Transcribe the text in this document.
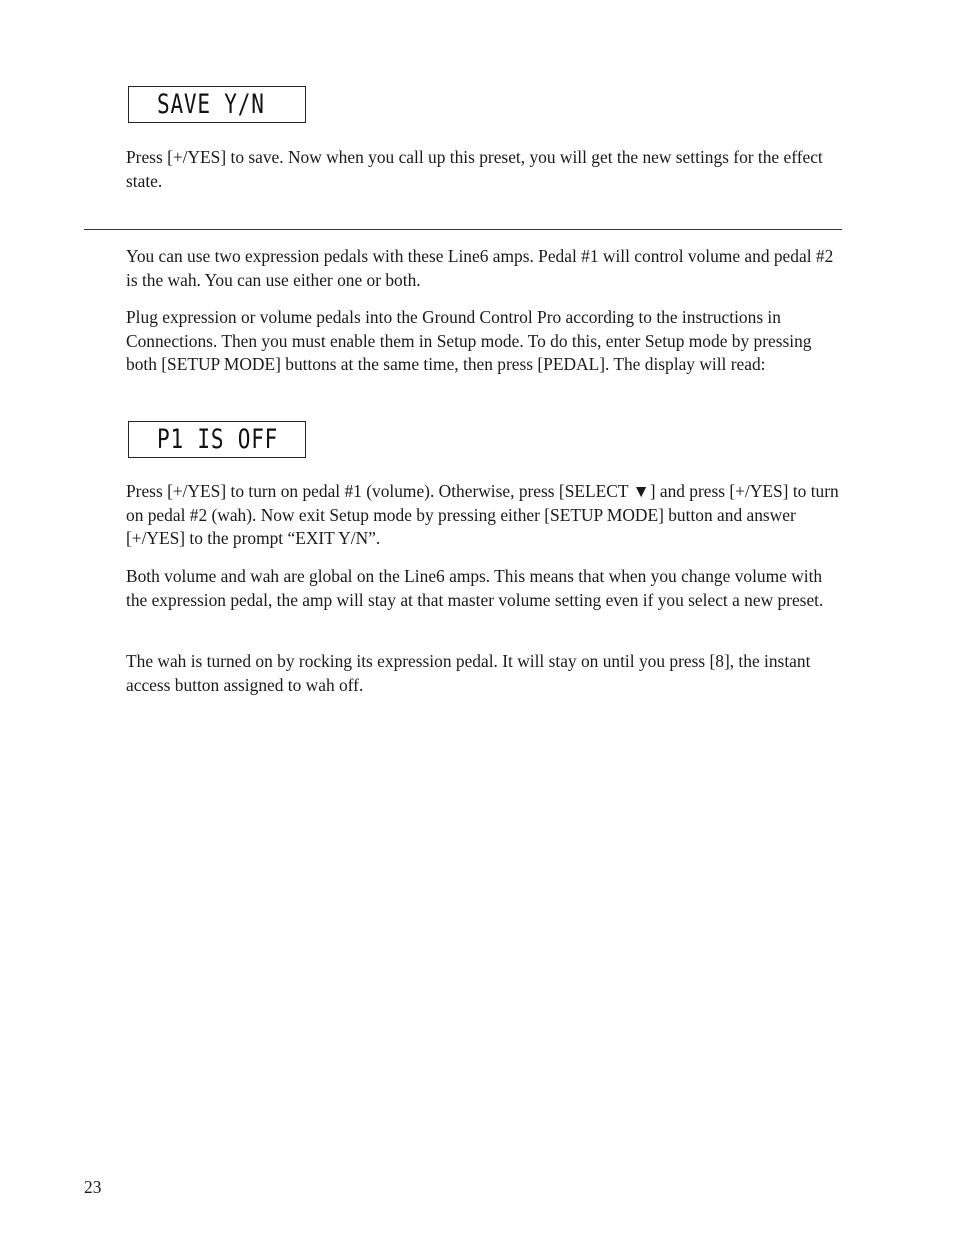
SAVE Y/N

Press [+/YES] to save. Now when you call up this preset, you will get the new settings for the effect state.

You can use two expression pedals with these Line6 amps. Pedal #1 will control volume and pedal #2 is the wah. You can use either one or both.

Plug expression or volume pedals into the Ground Control Pro according to the instructions in Connections. Then you must enable them in Setup mode. To do this, enter Setup mode by pressing both [SETUP MODE] buttons at the same time, then press [PEDAL]. The display will read:

P1 IS OFF

Press [+/YES] to turn on pedal #1 (volume). Otherwise, press [SELECT ▼] and press [+/YES] to turn on pedal #2 (wah). Now exit Setup mode by pressing either [SETUP MODE] button and answer [+/YES] to the prompt “EXIT Y/N”.

Both volume and wah are global on the Line6 amps. This means that when you change volume with the expression pedal, the amp will stay at that master volume setting even if you select a new preset.

The wah is turned on by rocking its expression pedal. It will stay on until you press [8], the instant access button assigned to wah off.

23
